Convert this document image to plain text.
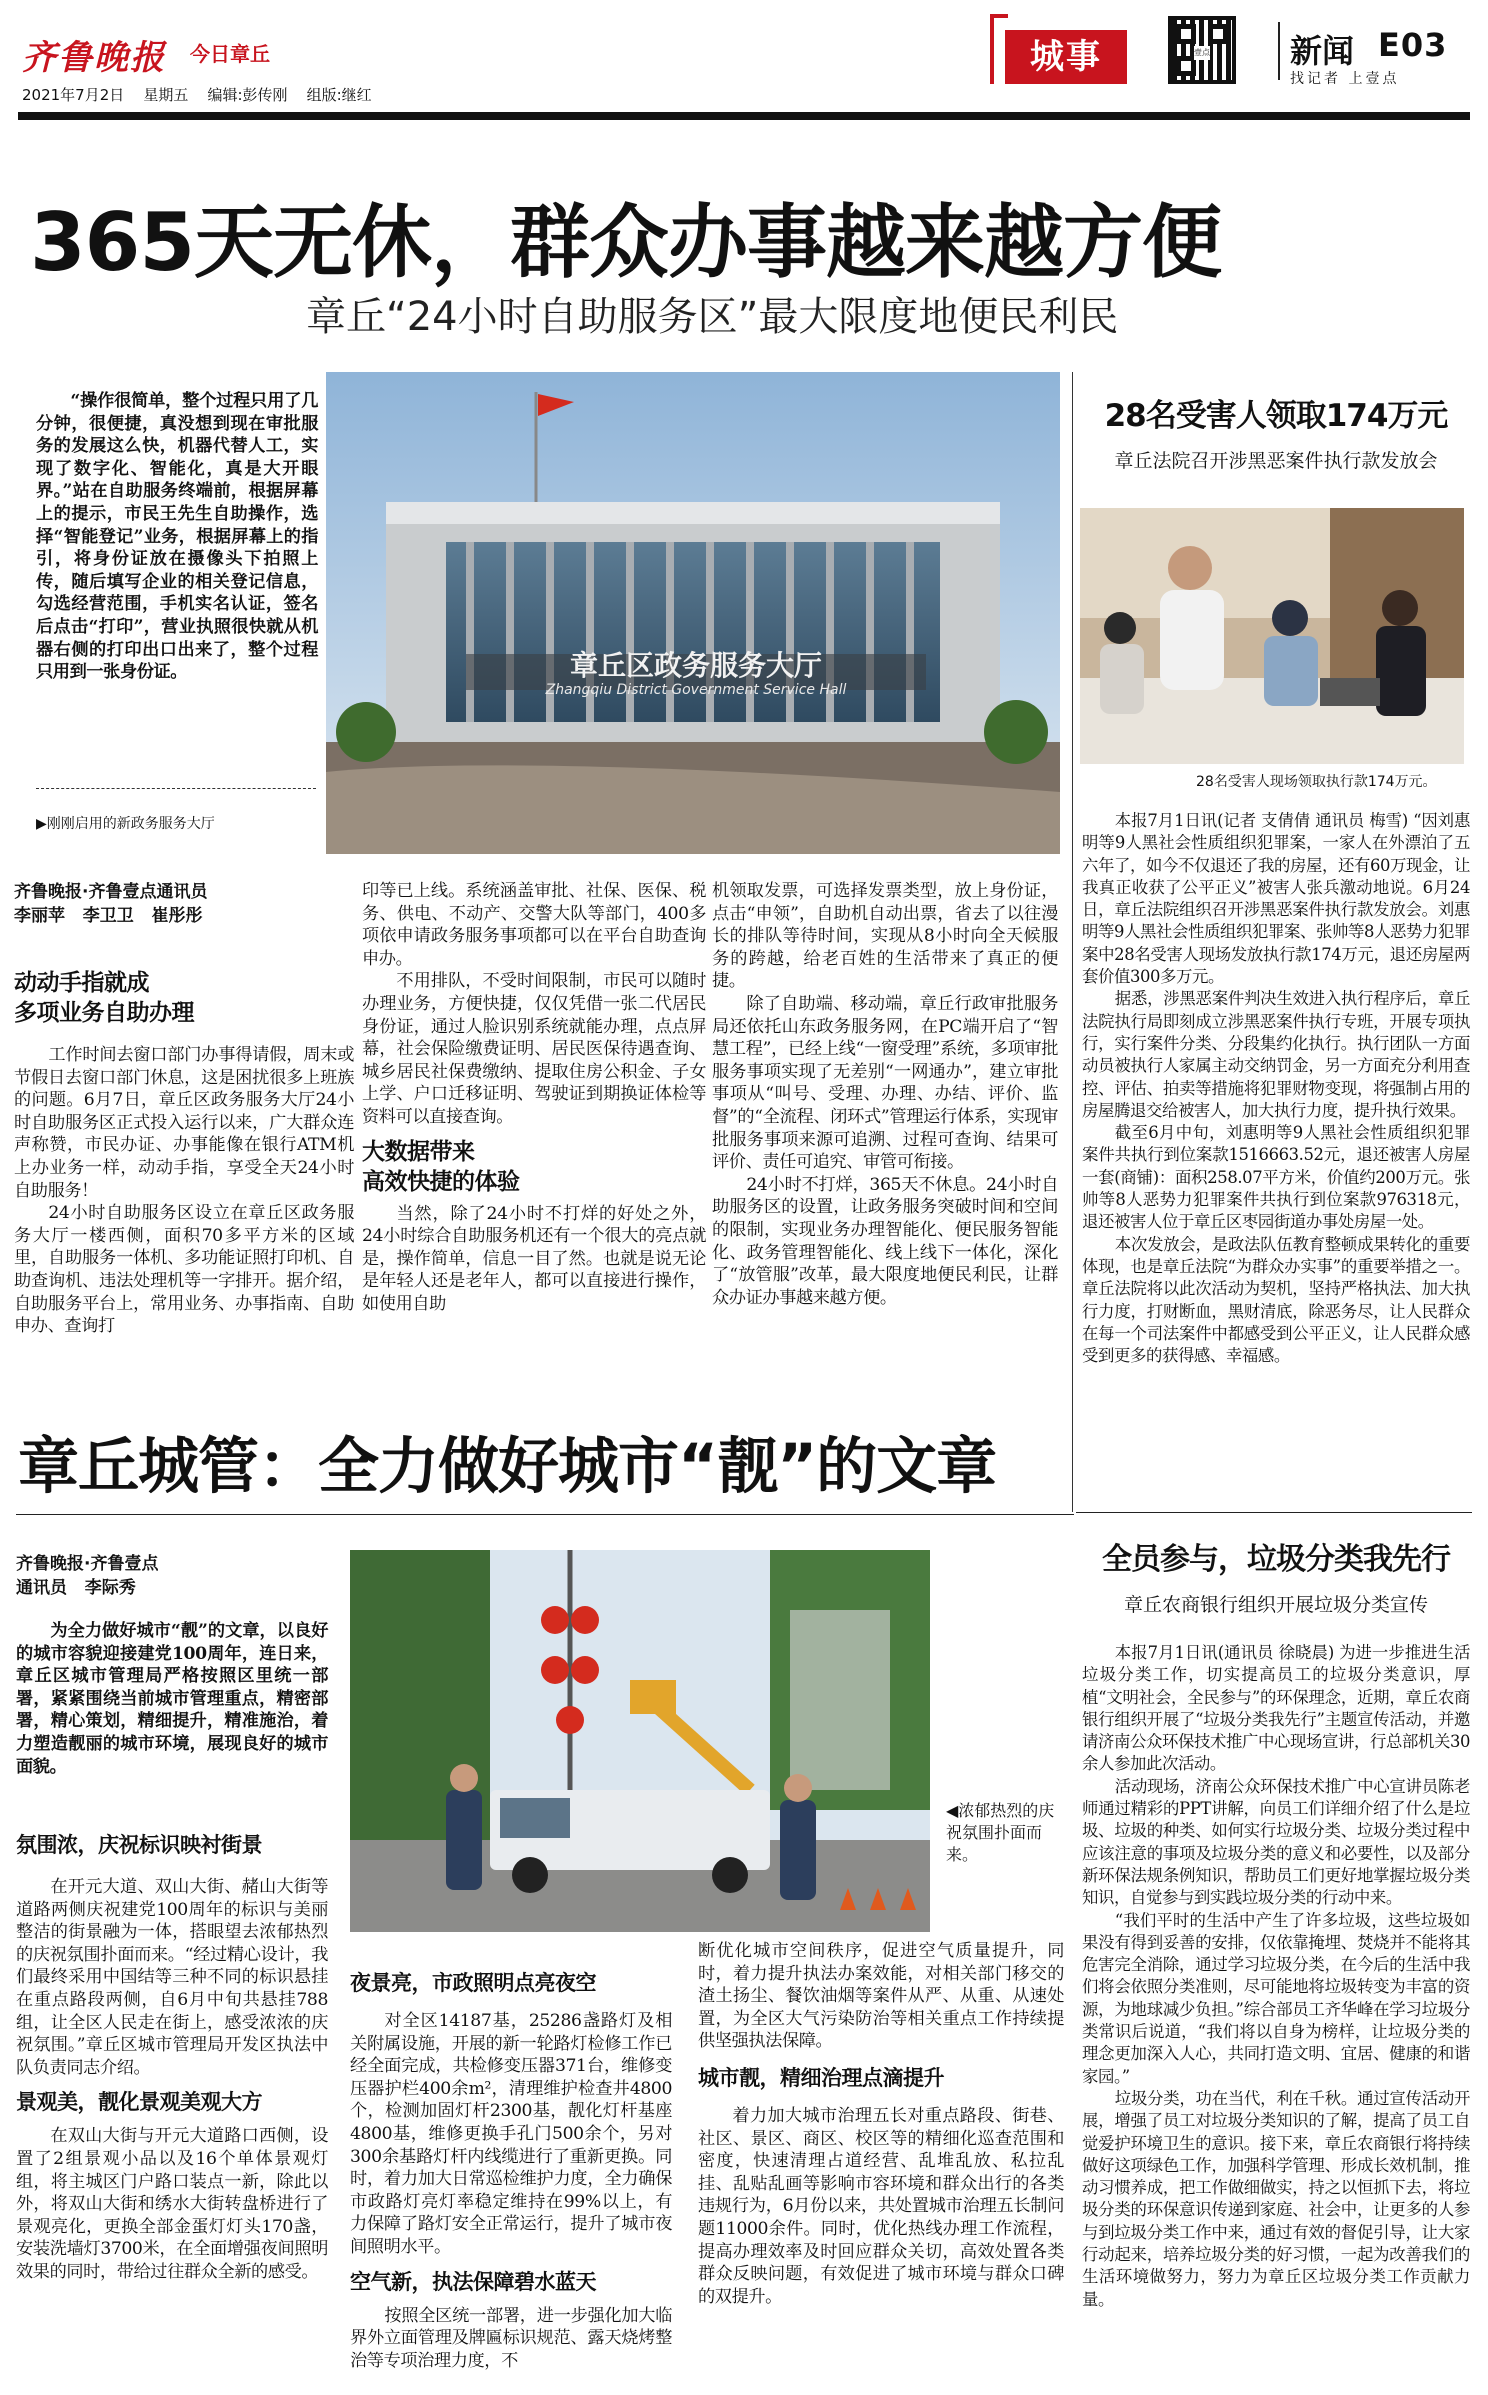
齐鲁晚报 今日章丘	城事	壹点	新闻 E03
找记者 上壹点
2021年7月2日 星期五 编辑:彭传刚 组版:继红
365天无休，群众办事越来越方便
章丘“24小时自助服务区”最大限度地便民利民

“操作很简单，整个过程只用了几分钟，很便捷，真没想到现在审批服务的发展这么快，机器代替人工，实现了数字化、智能化，真是大开眼界。”站在自助服务终端前，根据屏幕上的提示，市民王先生自助操作，选择“智能登记”业务，根据屏幕上的指引，将身份证放在摄像头下拍照上传，随后填写企业的相关登记信息，勾选经营范围，手机实名认证，签名后点击“打印”，营业执照很快就从机器右侧的打印出口出来了，整个过程只用到一张身份证。

▶刚刚启用的新政务服务大厅
章丘区政务服务大厅
Zhangqiu District Government Service Hall
齐鲁晚报·齐鲁壹点通讯员
李丽苹   李卫卫   崔彤彤
动动手指就成
多项业务自助办理

工作时间去窗口部门办事得请假，周末或节假日去窗口部门休息，这是困扰很多上班族的问题。6月7日，章丘区政务服务大厅24小时自助服务区正式投入运行以来，广大群众连声称赞，市民办证、办事能像在银行ATM机上办业务一样，动动手指，享受全天24小时自助服务！

24小时自助服务区设立在章丘区政务服务大厅一楼西侧，面积70多平方米的区域里，自助服务一体机、多功能证照打印机、自助查询机、违法处理机等一字排开。据介绍，自助服务平台上，常用业务、办事指南、自助申办、查询打

印等已上线。系统涵盖审批、社保、医保、税务、供电、不动产、交警大队等部门，400多项依申请政务服务事项都可以在平台自助查询申办。

不用排队，不受时间限制，市民可以随时办理业务，方便快捷，仅仅凭借一张二代居民身份证，通过人脸识别系统就能办理，点点屏幕，社会保险缴费证明、居民医保待遇查询、城乡居民社保费缴纳、提取住房公积金、子女上学、户口迁移证明、驾驶证到期换证体检等资料可以直接查询。

大数据带来
高效快捷的体验

当然，除了24小时不打烊的好处之外，24小时综合自助服务机还有一个很大的亮点就是，操作简单，信息一目了然。也就是说无论是年轻人还是老年人，都可以直接进行操作，如使用自助

机领取发票，可选择发票类型，放上身份证，点击“申领”，自助机自动出票，省去了以往漫长的排队等待时间，实现从8小时向全天候服务的跨越，给老百姓的生活带来了真正的便捷。

除了自助端、移动端，章丘行政审批服务局还依托山东政务服务网，在PC端开启了“智慧工程”，已经上线“一窗受理”系统，多项审批服务事项实现了无差别“一网通办”，建立审批事项从“叫号、受理、办理、办结、评价、监督”的“全流程、闭环式”管理运行体系，实现审批服务事项来源可追溯、过程可查询、结果可评价、责任可追究、审管可衔接。

24小时不打烊，365天不休息。24小时自助服务区的设置，让政务服务突破时间和空间的限制，实现业务办理智能化、便民服务智能化、政务管理智能化、线上线下一体化，深化了“放管服”改革，最大限度地便民利民，让群众办证办事越来越方便。

28名受害人领取174万元
章丘法院召开涉黑恶案件执行款发放会
28名受害人现场领取执行款174万元。

本报7月1日讯(记者 支倩倩 通讯员 梅雪) “因刘惠明等9人黑社会性质组织犯罪案，一家人在外漂泊了五六年了，如今不仅退还了我的房屋，还有60万现金，让我真正收获了公平正义”被害人张兵激动地说。6月24日，章丘法院组织召开涉黑恶案件执行款发放会。刘惠明等9人黑社会性质组织犯罪案、张帅等8人恶势力犯罪案中28名受害人现场发放执行款174万元，退还房屋两套价值300多万元。

据悉，涉黑恶案件判决生效进入执行程序后，章丘法院执行局即刻成立涉黑恶案件执行专班，开展专项执行，实行案件分类、分段集约化执行。执行团队一方面动员被执行人家属主动交纳罚金，另一方面充分利用查控、评估、拍卖等措施将犯罪财物变现，将强制占用的房屋腾退交给被害人，加大执行力度，提升执行效果。

截至6月中旬，刘惠明等9人黑社会性质组织犯罪案件共执行到位案款1516663.52元，退还被害人房屋一套(商铺)：面积258.07平方米，价值约200万元。张帅等8人恶势力犯罪案件共执行到位案款976318元，退还被害人位于章丘区枣园街道办事处房屋一处。

本次发放会，是政法队伍教育整顿成果转化的重要体现，也是章丘法院“为群众办实事”的重要举措之一。章丘法院将以此次活动为契机，坚持严格执法、加大执行力度，打财断血，黑财清底，除恶务尽，让人民群众在每一个司法案件中都感受到公平正义，让人民群众感受到更多的获得感、幸福感。

章丘城管：全力做好城市“靓”的文章
齐鲁晚报·齐鲁壹点
通讯员   李际秀

为全力做好城市“靓”的文章，以良好的城市容貌迎接建党100周年，连日来，章丘区城市管理局严格按照区里统一部署，紧紧围绕当前城市管理重点，精密部署，精心策划，精细提升，精准施治，着力塑造靓丽的城市环境，展现良好的城市面貌。

◀浓郁热烈的庆祝氛围扑面而来。
氛围浓，庆祝标识映衬街景

在开元大道、双山大街、赭山大街等道路两侧庆祝建党100周年的标识与美丽整洁的街景融为一体，搭眼望去浓郁热烈的庆祝氛围扑面而来。“经过精心设计，我们最终采用中国结等三种不同的标识悬挂在重点路段两侧，自6月中旬共悬挂788组，让全区人民走在街上，感受浓浓的庆祝氛围。”章丘区城市管理局开发区执法中队负责同志介绍。

景观美，靓化景观美观大方

在双山大街与开元大道路口西侧，设置了2组景观小品以及16个单体景观灯组，将主城区门户路口装点一新，除此以外，将双山大街和绣水大街转盘桥进行了景观亮化，更换全部金蛋灯灯头170盏，安装洗墙灯3700米，在全面增强夜间照明效果的同时，带给过往群众全新的感受。

夜景亮，市政照明点亮夜空

对全区14187基，25286盏路灯及相关附属设施，开展的新一轮路灯检修工作已经全面完成，共检修变压器371台，维修变压器护栏400余m²，清理维护检查井4800个，检测加固灯杆2300基，靓化灯杆基座4800基，维修更换手孔门500余个，另对300余基路灯杆内线缆进行了重新更换。同时，着力加大日常巡检维护力度，全力确保市政路灯亮灯率稳定维持在99%以上，有力保障了路灯安全正常运行，提升了城市夜间照明水平。

空气新，执法保障碧水蓝天

按照全区统一部署，进一步强化加大临界外立面管理及牌匾标识规范、露天烧烤整治等专项治理力度，不

断优化城市空间秩序，促进空气质量提升，同时，着力提升执法办案效能，对相关部门移交的渣土扬尘、餐饮油烟等案件从严、从重、从速处置，为全区大气污染防治等相关重点工作持续提供坚强执法保障。

城市靓，精细治理点滴提升

着力加大城市治理五长对重点路段、街巷、社区、景区、商区、校区等的精细化巡查范围和密度，快速清理占道经营、乱堆乱放、私拉乱挂、乱贴乱画等影响市容环境和群众出行的各类违规行为，6月份以来，共处置城市治理五长制问题11000余件。同时，优化热线办理工作流程，提高办理效率及时回应群众关切，高效处置各类群众反映问题，有效促进了城市环境与群众口碑的双提升。

全员参与，垃圾分类我先行
章丘农商银行组织开展垃圾分类宣传

本报7月1日讯(通讯员 徐晓晨) 为进一步推进生活垃圾分类工作，切实提高员工的垃圾分类意识，厚植“文明社会，全民参与”的环保理念，近期，章丘农商银行组织开展了“垃圾分类我先行”主题宣传活动，并邀请济南公众环保技术推广中心现场宣讲，行总部机关30余人参加此次活动。

活动现场，济南公众环保技术推广中心宣讲员陈老师通过精彩的PPT讲解，向员工们详细介绍了什么是垃圾、垃圾的种类、如何实行垃圾分类、垃圾分类过程中应该注意的事项及垃圾分类的意义和必要性，以及部分新环保法规条例知识，帮助员工们更好地掌握垃圾分类知识，自觉参与到实践垃圾分类的行动中来。

“我们平时的生活中产生了许多垃圾，这些垃圾如果没有得到妥善的安排，仅依靠掩埋、焚烧并不能将其危害完全消除，通过学习垃圾分类，在今后的生活中我们将会依照分类准则，尽可能地将垃圾转变为丰富的资源，为地球减少负担。”综合部员工齐华峰在学习垃圾分类常识后说道，“我们将以自身为榜样，让垃圾分类的理念更加深入人心，共同打造文明、宜居、健康的和谐家园。”

垃圾分类，功在当代，利在千秋。通过宣传活动开展，增强了员工对垃圾分类知识的了解，提高了员工自觉爱护环境卫生的意识。接下来，章丘农商银行将持续做好这项绿色工作，加强科学管理、形成长效机制，推动习惯养成，把工作做细做实，持之以恒抓下去，将垃圾分类的环保意识传递到家庭、社会中，让更多的人参与到垃圾分类工作中来，通过有效的督促引导，让大家行动起来，培养垃圾分类的好习惯，一起为改善我们的生活环境做努力，努力为章丘区垃圾分类工作贡献力量。
